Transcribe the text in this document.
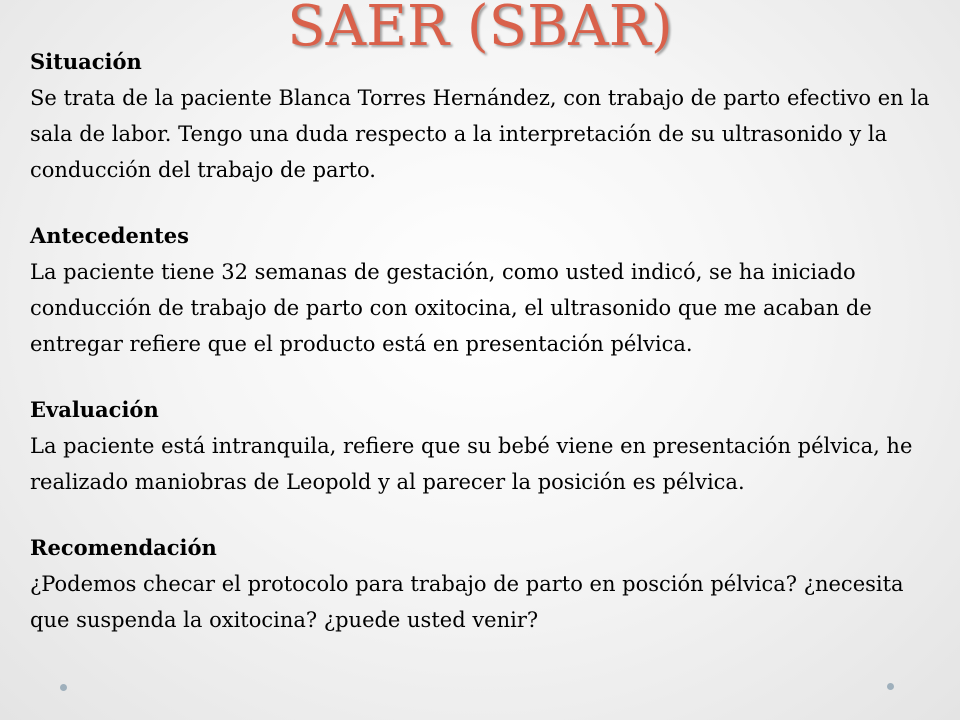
SAER (SBAR)

Situación

Se trata de la paciente Blanca Torres Hernández, con trabajo de parto efectivo en la sala de labor. Tengo una duda respecto a la interpretación de su ultrasonido y la conducción del trabajo de parto.

Antecedentes

La paciente tiene 32 semanas de gestación, como usted indicó, se ha iniciado conducción de trabajo de parto con oxitocina, el ultrasonido que me acaban de entregar refiere que el producto está en presentación pélvica.

Evaluación

La paciente está intranquila, refiere que su bebé viene en presentación pélvica, he realizado maniobras de Leopold y al parecer la posición es pélvica.

Recomendación

¿Podemos checar el protocolo para trabajo de parto en posción pélvica? ¿necesita que suspenda la oxitocina? ¿puede usted venir?
